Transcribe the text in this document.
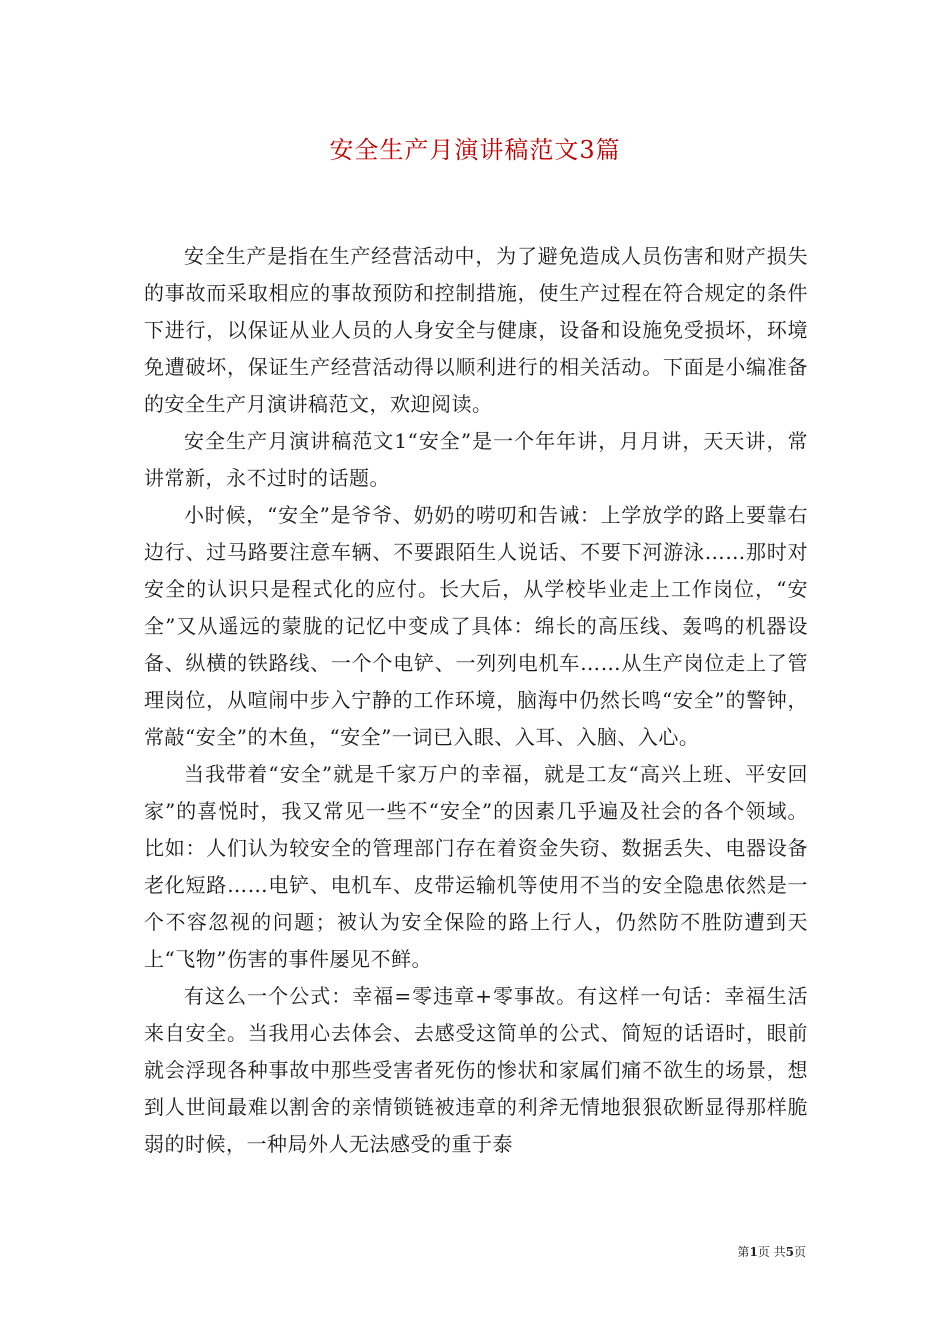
安全生产月演讲稿范文3篇

安全生产是指在生产经营活动中，为了避免造成人员伤害和财产损失的事故而采取相应的事故预防和控制措施，使生产过程在符合规定的条件下进行，以保证从业人员的人身安全与健康，设备和设施免受损坏，环境免遭破坏，保证生产经营活动得以顺利进行的相关活动。下面是小编准备的安全生产月演讲稿范文，欢迎阅读。

安全生产月演讲稿范文1“安全”是一个年年讲，月月讲，天天讲，常讲常新，永不过时的话题。

小时候，“安全”是爷爷、奶奶的唠叨和告诫：上学放学的路上要靠右边行、过马路要注意车辆、不要跟陌生人说话、不要下河游泳……那时对安全的认识只是程式化的应付。长大后，从学校毕业走上工作岗位，“安全”又从遥远的蒙胧的记忆中变成了具体：绵长的高压线、轰鸣的机器设备、纵横的铁路线、一个个电铲、一列列电机车……从生产岗位走上了管理岗位，从喧闹中步入宁静的工作环境，脑海中仍然长鸣“安全”的警钟，常敲“安全”的木鱼，“安全”一词已入眼、入耳、入脑、入心。

当我带着“安全”就是千家万户的幸福，就是工友“高兴上班、平安回家”的喜悦时，我又常见一些不“安全”的因素几乎遍及社会的各个领域。比如：人们认为较安全的管理部门存在着资金失窃、数据丢失、电器设备老化短路……电铲、电机车、皮带运输机等使用不当的安全隐患依然是一个不容忽视的问题；被认为安全保险的路上行人，仍然防不胜防遭到天上“飞物”伤害的事件屡见不鲜。

有这么一个公式：幸福=零违章+零事故。有这样一句话：幸福生活来自安全。当我用心去体会、去感受这简单的公式、简短的话语时，眼前就会浮现各种事故中那些受害者死伤的惨状和家属们痛不欲生的场景，想到人世间最难以割舍的亲情锁链被违章的利斧无情地狠狠砍断显得那样脆弱的时候，一种局外人无法感受的重于泰

第1页 共5页
